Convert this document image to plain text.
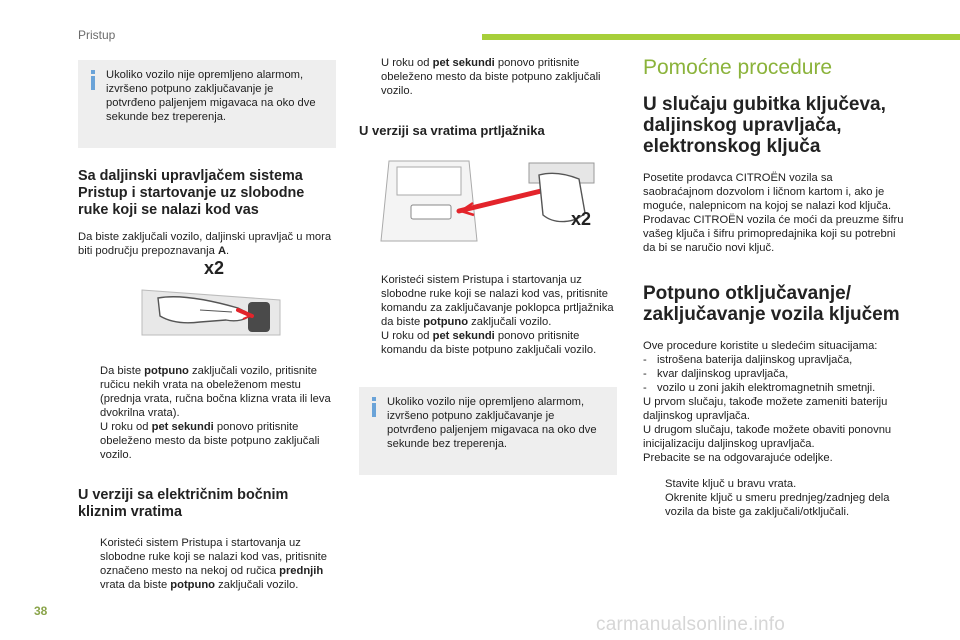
Pristup
Ukoliko vozilo nije opremljeno alarmom, izvršeno potpuno zaključavanje je potvrđeno paljenjem migavaca na oko dve sekunde bez treperenja.
Sa daljinski upravljačem sistema Pristup i startovanje uz slobodne ruke koji se nalazi kod vas

Da biste zaključali vozilo, daljinski upravljač u mora biti području prepoznavanja A.

x2
Da biste potpuno zaključali vozilo, pritisnite ručicu nekih vrata na obeleženom mestu (prednja vrata, ručna bočna klizna vrata ili leva dvokrilna vrata).
U roku od pet sekundi ponovo pritisnite obeleženo mesto da biste potpuno zaključali vozilo.
U verziji sa električnim bočnim kliznim vratima
Koristeći sistem Pristupa i startovanja uz slobodne ruke koji se nalazi kod vas, pritisnite označeno mesto na nekoj od ručica prednjih vrata da biste potpuno zaključali vozilo.
U roku od pet sekundi ponovo pritisnite obeleženo mesto da biste potpuno zaključali vozilo.
U verziji sa vratima prtljažnika
x2
Koristeći sistem Pristupa i startovanja uz slobodne ruke koji se nalazi kod vas, pritisnite komandu za zaključavanje poklopca prtljažnika da biste potpuno zaključali vozilo.
U roku od pet sekundi ponovo pritisnite komandu da biste potpuno zaključali vozilo.
Ukoliko vozilo nije opremljeno alarmom, izvršeno potpuno zaključavanje je potvrđeno paljenjem migavaca na oko dve sekunde bez treperenja.
Pomoćne procedure
U slučaju gubitka ključeva, daljinskog upravljača, elektronskog ključa

Posetite prodavca CITROËN vozila sa saobraćajnom dozvolom i ličnom kartom i, ako je moguće, nalepnicom na kojoj se nalazi kod ključa.

Prodavac CITROËN vozila će moći da preuzme šifru vašeg ključa i šifru primopredajnika koji su potrebni da bi se naručio novi ključ.

Potpuno otključavanje/ zaključavanje vozila ključem

Ove procedure koristite u sledećim situacijama:

- istrošena baterija daljinskog upravljača,
- kvar daljinskog upravljača,
- vozilo u zoni jakih elektromagnetnih smetnji.

U prvom slučaju, takođe možete zameniti bateriju daljinskog upravljača.

U drugom slučaju, takođe možete obaviti ponovnu inicijalizaciju daljinskog upravljača.

Prebacite se na odgovarajuće odeljke.

Stavite ključ u bravu vrata.
Okrenite ključ u smeru prednjeg/zadnjeg dela vozila da biste ga zaključali/otključali.
38
carmanualsonline.info
